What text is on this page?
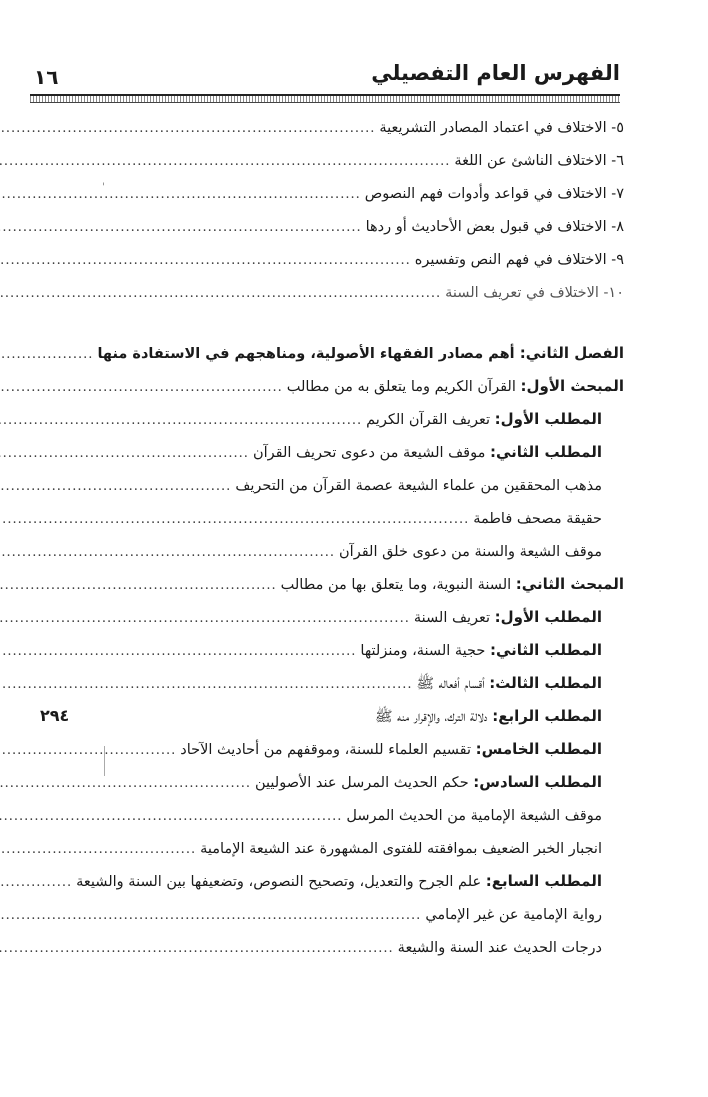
الفهرس العام التفصيلي
١٦
'
٥- الاختلاف في اعتماد المصادر التشريعية
.....
٦- الاختلاف الناشئ عن اللغة
.....
٧- الاختلاف في قواعد وأدوات فهم النصوص
.....
٨- الاختلاف في قبول بعض الأحاديث أو ردها
.....
٩- الاختلاف في فهم النص وتفسيره
.....
١٠- الاختلاف في تعريف السنة
.....
الفصل الثاني: أهم مصادر الفقهاء الأصولية، ومناهجهم في الاستفادة منها
.....
المبحث الأول: القرآن الكريم وما يتعلق به من مطالب
.....
المطلب الأول: تعريف القرآن الكريم
.....
المطلب الثاني: موقف الشيعة من دعوى تحريف القرآن
.....
مذهب المحققين من علماء الشيعة عصمة القرآن من التحريف
.....
حقيقة مصحف فاطمة
.....
موقف الشيعة والسنة من دعوى خلق القرآن
.....
المبحث الثاني: السنة النبوية، وما يتعلق بها من مطالب
.....
المطلب الأول: تعريف السنة
.....
المطلب الثاني: حجية السنة، ومنزلتها
.....
المطلب الثالث: أقسام أفعاله ﷺ
.....
المطلب الرابع: دلالة الترك، والإقرار منه ﷺ
٢٩٤
المطلب الخامس: تقسيم العلماء للسنة، وموقفهم من أحاديث الآحاد
.....
المطلب السادس: حكم الحديث المرسل عند الأصوليين
.....
موقف الشيعة الإمامية من الحديث المرسل
.....
انجبار الخبر الضعيف بموافقته للفتوى المشهورة عند الشيعة الإمامية
.....
المطلب السابع: علم الجرح والتعديل، وتصحيح النصوص، وتضعيفها بين السنة والشيعة
.....
رواية الإمامية عن غير الإمامي
.....
درجات الحديث عند السنة والشيعة
.....
